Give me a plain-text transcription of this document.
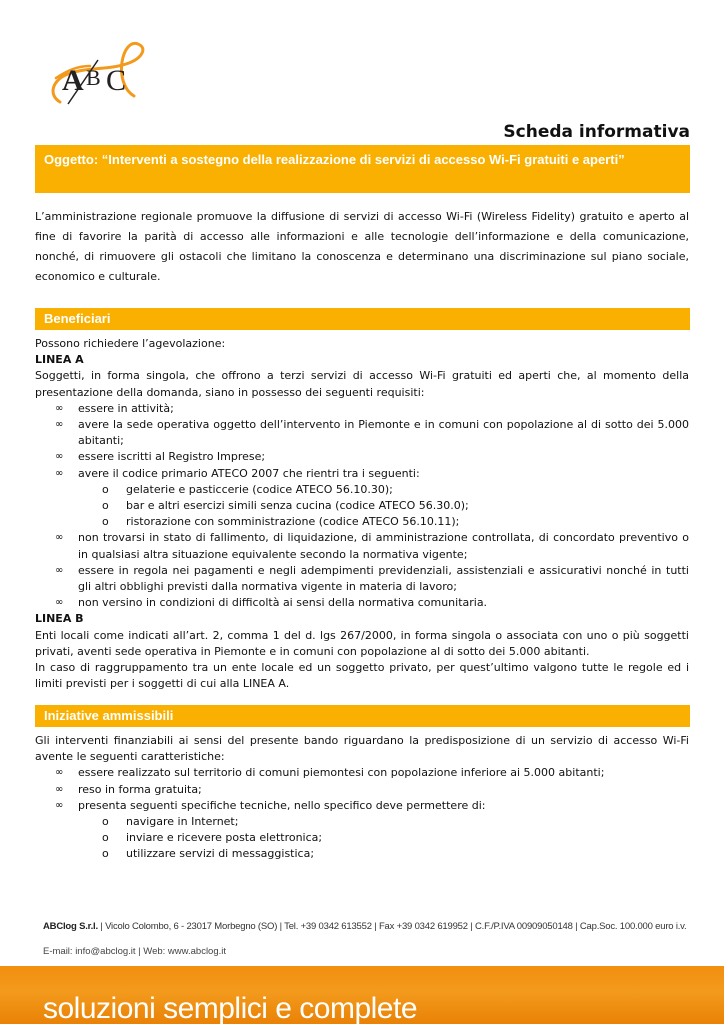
A B C
Scheda informativa
Oggetto: “Interventi a sostegno della realizzazione di servizi di accesso Wi-Fi gratuiti e aperti”
L’amministrazione regionale promuove la diffusione di servizi di accesso Wi-Fi (Wireless Fidelity) gratuito e aperto al fine di favorire la parità di accesso alle informazioni e alle tecnologie dell’informazione e della comunicazione, nonché, di rimuovere gli ostacoli che limitano la conoscenza e determinano una discriminazione sul piano sociale, economico e culturale.
Beneficiari
Possono richiedere l’agevolazione:
LINEA A
Soggetti, in forma singola, che offrono a terzi servizi di accesso Wi-Fi gratuiti ed aperti che, al momento della presentazione della domanda, siano in possesso dei seguenti requisiti:
∞ essere in attività;
∞ avere la sede operativa oggetto dell’intervento in Piemonte e in comuni con popolazione al di sotto dei 5.000 abitanti;
∞ essere iscritti al Registro Imprese;
∞ avere il codice primario ATECO 2007 che rientri tra i seguenti:
o gelaterie e pasticcerie (codice ATECO 56.10.30);
o bar e altri esercizi simili senza cucina (codice ATECO 56.30.0);
o ristorazione con somministrazione (codice ATECO 56.10.11);
∞ non trovarsi in stato di fallimento, di liquidazione, di amministrazione controllata, di concordato preventivo o in qualsiasi altra situazione equivalente secondo la normativa vigente;
∞ essere in regola nei pagamenti e negli adempimenti previdenziali, assistenziali e assicurativi nonché in tutti gli altri obblighi previsti dalla normativa vigente in materia di lavoro;
∞ non versino in condizioni di difficoltà ai sensi della normativa comunitaria.
LINEA B
Enti locali come indicati all’art. 2, comma 1 del d. lgs 267/2000, in forma singola o associata con uno o più soggetti privati, aventi sede operativa in Piemonte e in comuni con popolazione al di sotto dei 5.000 abitanti.
In caso di raggruppamento tra un ente locale ed un soggetto privato, per quest’ultimo valgono tutte le regole ed i limiti previsti per i soggetti di cui alla LINEA A.
Iniziative ammissibili
Gli interventi finanziabili ai sensi del presente bando riguardano la predisposizione di un servizio di accesso Wi-Fi avente le seguenti caratteristiche:
∞ essere realizzato sul territorio di comuni piemontesi con popolazione inferiore ai 5.000 abitanti;
∞ reso in forma gratuita;
∞ presenta seguenti specifiche tecniche, nello specifico deve permettere di:
o navigare in Internet;
o inviare e ricevere posta elettronica;
o utilizzare servizi di messaggistica;
ABClog S.r.l. | Vicolo Colombo, 6 - 23017 Morbegno (SO) | Tel. +39 0342 613552 | Fax +39 0342 619952 | C.F./P.IVA 00909050148 | Cap.Soc. 100.000 euro i.v.
E-mail: info@abclog.it | Web: www.abclog.it
soluzioni semplici e complete
